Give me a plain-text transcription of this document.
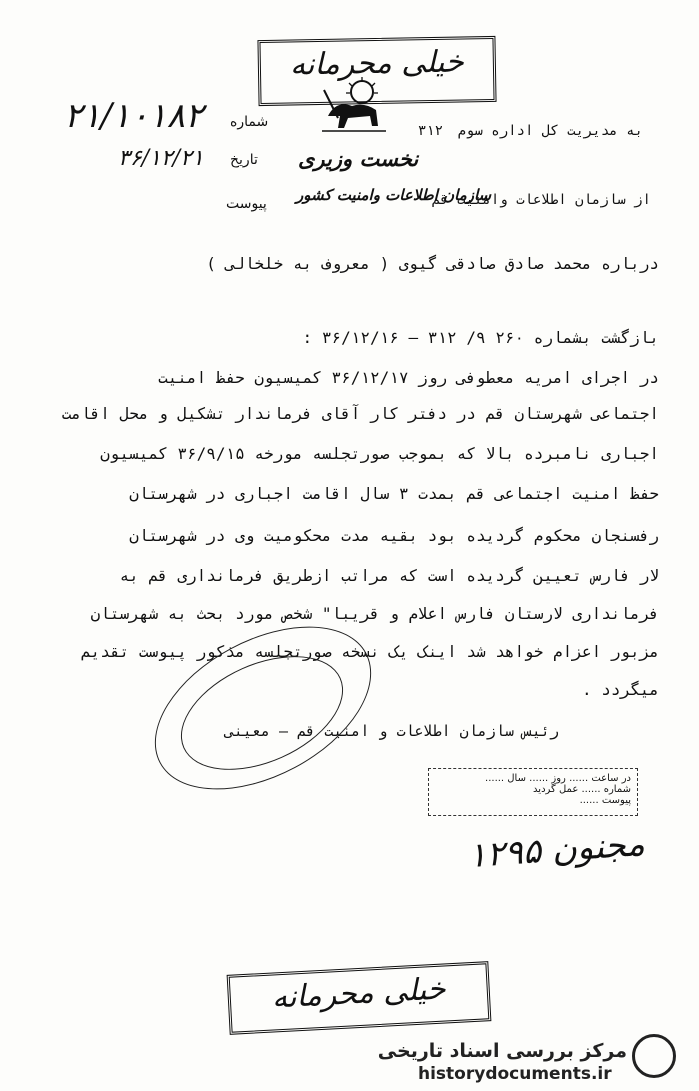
خیلی محرمانه
به مدیریت کل اداره سوم ۳۱۲
نخست وزیری
از سازمان اطلاعات وامنیت قم
سازمان اطلاعات وامنیت کشور
شماره
۲۱/۱۰۱۸۲
تاریخ
۳۶/۱۲/۲۱
پیوست
درباره محمد صادق صادقی گیوی ( معروف به خلخالی )
بازگشت بشماره ۲۶۰ ۹/ ۳۱۲ – ۳۶/۱۲/۱۶ :
در اجرای امریه معطوفی روز ۳۶/۱۲/۱۷ کمیسیون حفظ امنیت
اجتماعی شهرستان قم در دفتر کار آقای فرماندار تشکیل و محل اقامت
اجباری نامبرده بالا که بموجب صورتجلسه مورخه ۳۶/۹/۱۵ کمیسیون
حفظ امنیت اجتماعی قم بمدت ۳ سال اقامت اجباری در شهرستان
رفسنجان محکوم گردیده بود بقیه مدت محکومیت وی در شهرستان
لار فارس تعیین گردیده است که مراتب ازطریق فرمانداری قم به
فرمانداری لارستان فارس اعلام و قریبا" شخص مورد بحث به شهرستان
مزبور اعزام خواهد شد اینک یک نسخه صورتجلسه مذکور پیوست تقدیم
میگردد .
رئیس سازمان اطلاعات و امنیت قم – معینی
در ساعت ...... روز ...... سال ......
شماره ...... عمل گردید
پیوست ......
۱۲۹۵ مجنون
خیلی محرمانه
مرکز بررسی اسناد تاریخی
historydocuments.ir
